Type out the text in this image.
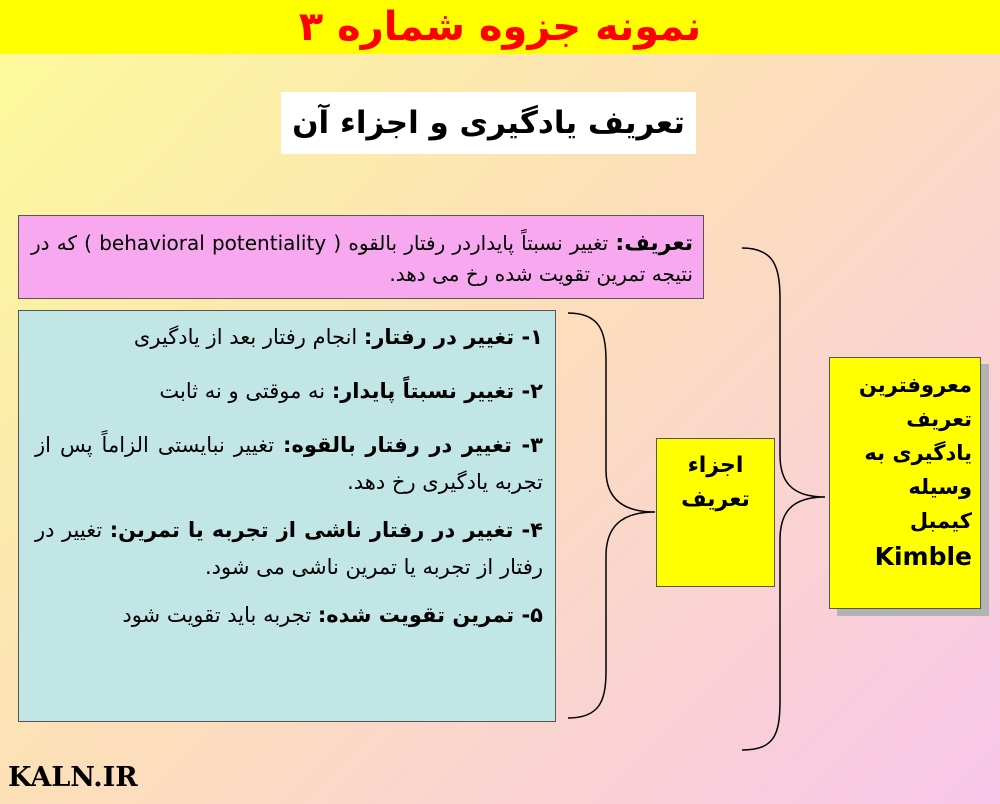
نمونه جزوه شماره ۳
تعریف یادگیری و اجزاء آن
تعریف: تغییر نسبتاً پایداردر رفتار بالقوه ( behavioral potentiality ) که در نتیجه تمرین تقویت شده رخ می دهد.
۱- تغییر در رفتار: انجام رفتار بعد از یادگیری
۲- تغییر نسبتاً پایدار: نه موقتی و نه ثابت
۳- تغییر در رفتار بالقوه: تغییر نبایستی الزاماً پس از تجربه یادگیری رخ دهد.
۴- تغییر در رفتار ناشی از تجربه یا تمرین: تغییر در رفتار از تجربه یا تمرین ناشی می شود.
۵- تمرین تقویت شده: تجربه باید تقویت شود
اجزاء
تعریف
معروفترین
تعریف
یادگیری به
وسیله
کیمبل
Kimble
KALN.IR
